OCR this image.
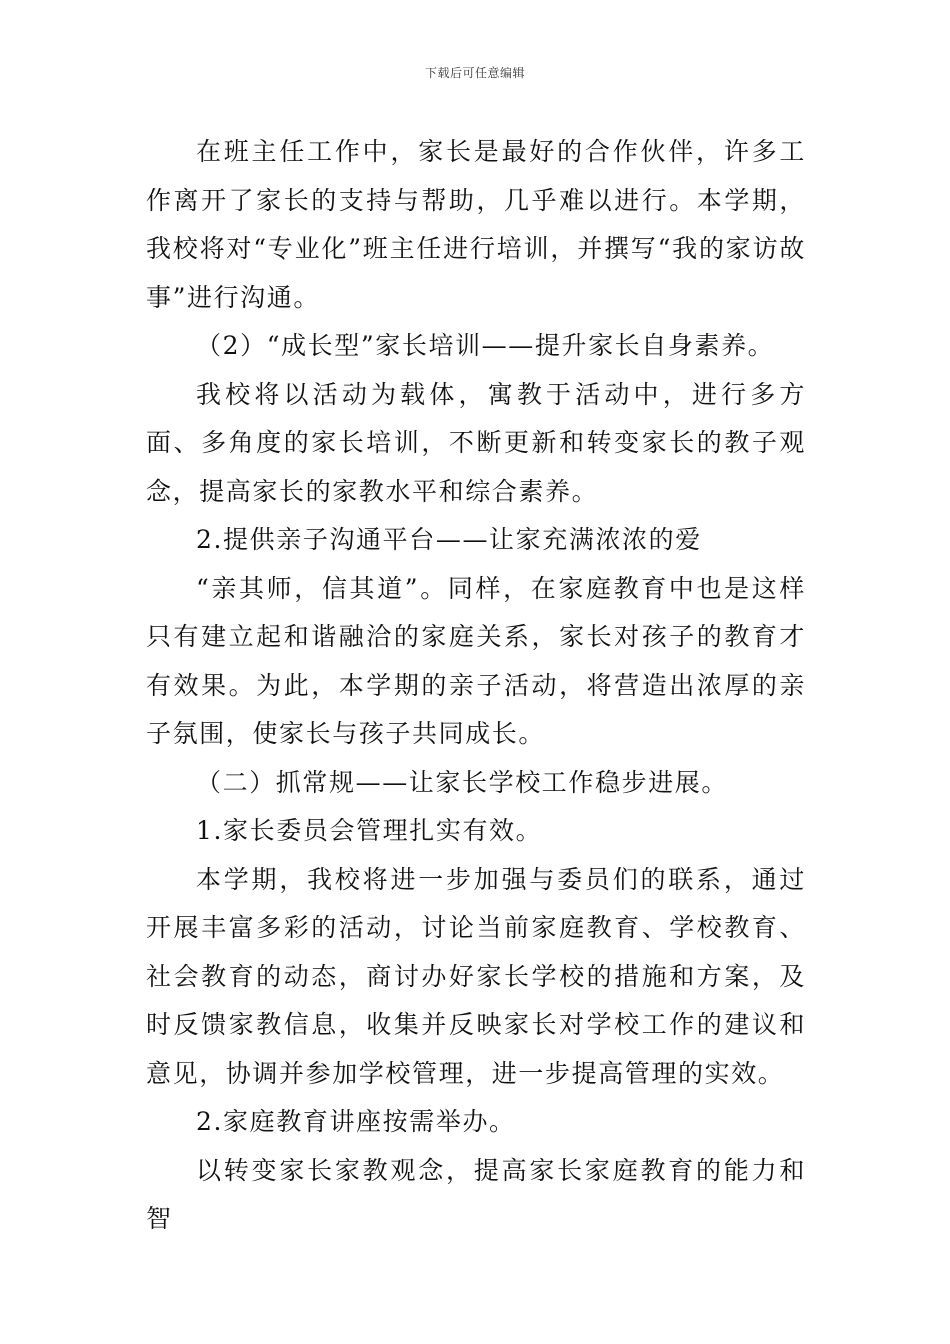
下载后可任意编辑

在班主任工作中，家长是最好的合作伙伴，许多工作离开了家长的支持与帮助，几乎难以进行。本学期，我校将对“专业化”班主任进行培训，并撰写“我的家访故事”进行沟通。

（2）“成长型”家长培训——提升家长自身素养。

我校将以活动为载体，寓教于活动中，进行多方面、多角度的家长培训，不断更新和转变家长的教子观念，提高家长的家教水平和综合素养。

2.提供亲子沟通平台——让家充满浓浓的爱

“亲其师，信其道”。同样，在家庭教育中也是这样只有建立起和谐融洽的家庭关系，家长对孩子的教育才有效果。为此，本学期的亲子活动，将营造出浓厚的亲子氛围，使家长与孩子共同成长。

（二）抓常规——让家长学校工作稳步进展。

1.家长委员会管理扎实有效。

本学期，我校将进一步加强与委员们的联系，通过开展丰富多彩的活动，讨论当前家庭教育、学校教育、社会教育的动态，商讨办好家长学校的措施和方案，及时反馈家教信息，收集并反映家长对学校工作的建议和意见，协调并参加学校管理，进一步提高管理的实效。

2.家庭教育讲座按需举办。

以转变家长家教观念，提高家长家庭教育的能力和智
